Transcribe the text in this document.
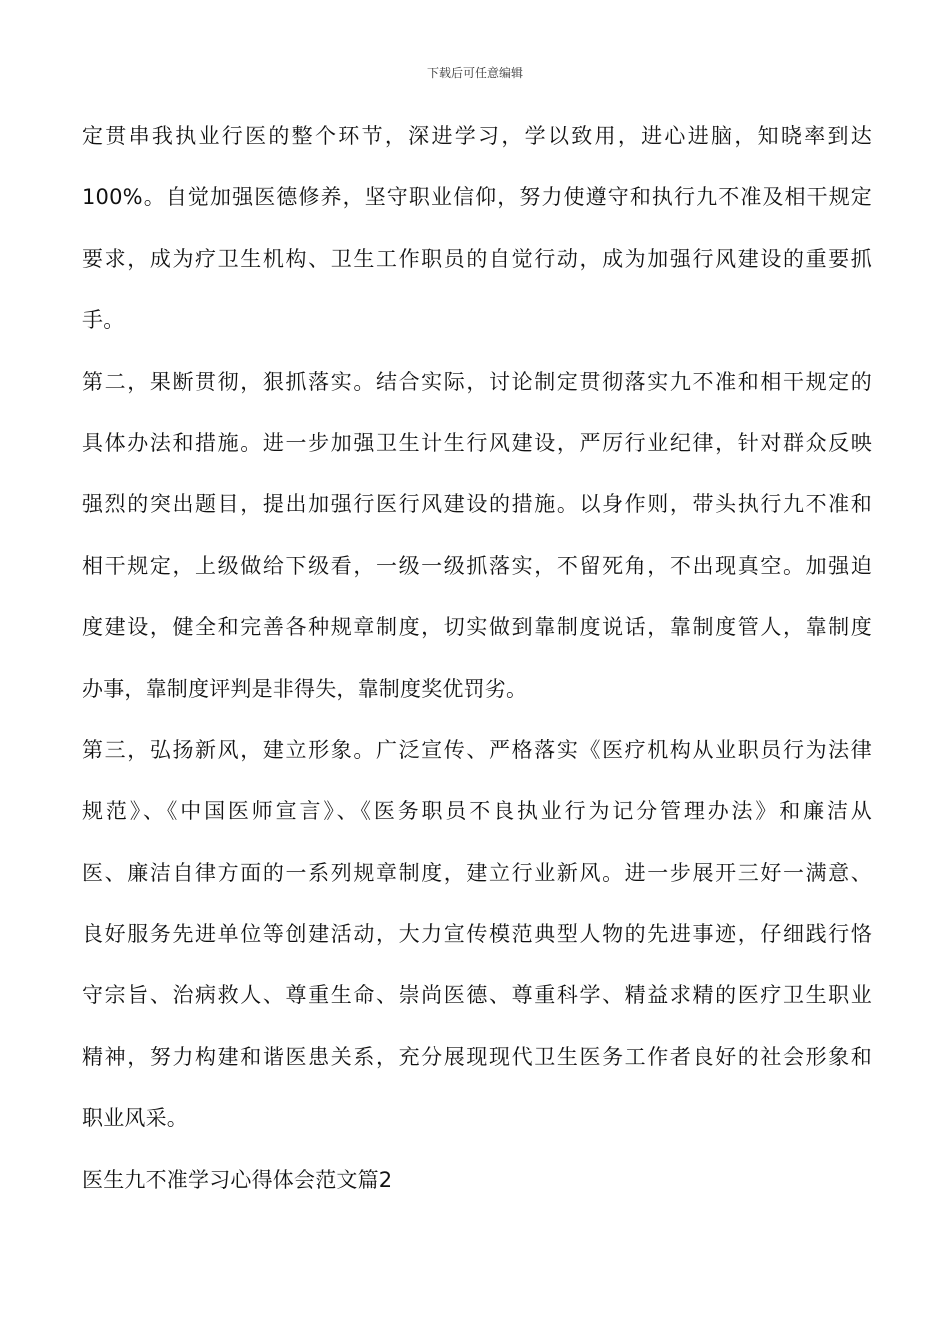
下载后可任意编辑
定贯串我执业行医的整个环节，深进学习，学以致用，进心进脑，知晓率到达
100%。自觉加强医德修养，坚守职业信仰，努力使遵守和执行九不准及相干规定
要求，成为疗卫生机构、卫生工作职员的自觉行动，成为加强行风建设的重要抓
手。
第二，果断贯彻，狠抓落实。结合实际，讨论制定贯彻落实九不准和相干规定的
具体办法和措施。进一步加强卫生计生行风建设，严厉行业纪律，针对群众反映
强烈的突出题目，提出加强行医行风建设的措施。以身作则，带头执行九不准和
相干规定，上级做给下级看，一级一级抓落实，不留死角，不出现真空。加强迫
度建设，健全和完善各种规章制度，切实做到靠制度说话，靠制度管人，靠制度
办事，靠制度评判是非得失，靠制度奖优罚劣。
第三，弘扬新风，建立形象。广泛宣传、严格落实《医疗机构从业职员行为法律
规范》、《中国医师宣言》、《医务职员不良执业行为记分管理办法》和廉洁从
医、廉洁自律方面的一系列规章制度，建立行业新风。进一步展开三好一满意、
良好服务先进单位等创建活动，大力宣传模范典型人物的先进事迹，仔细践行恪
守宗旨、治病救人、尊重生命、崇尚医德、尊重科学、精益求精的医疗卫生职业
精神，努力构建和谐医患关系，充分展现现代卫生医务工作者良好的社会形象和
职业风采。
医生九不准学习心得体会范文篇2
